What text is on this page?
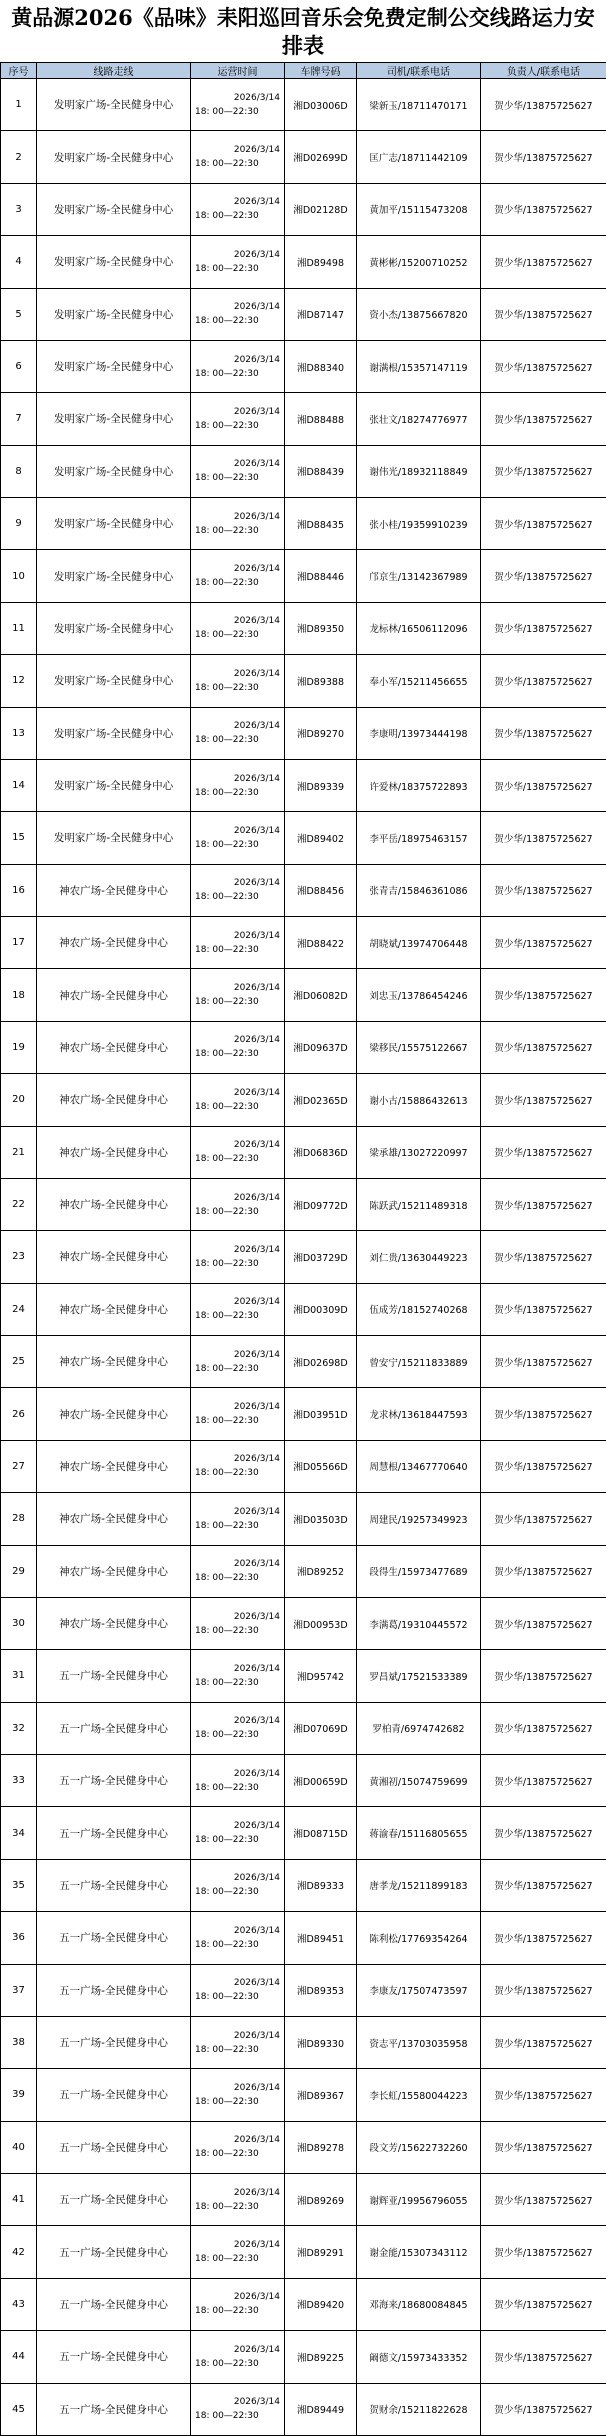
黄品源2026《品味》耒阳巡回音乐会免费定制公交线路运力安排表
序号	线路走线	运营时间	车牌号码	司机/联系电话	负责人/联系电话
1	发明家广场-全民健身中心	2026/3/14
18: 00—22:30	湘D03006D	梁新玉/18711470171	贺少华/13875725627
2	发明家广场-全民健身中心	2026/3/14
18: 00—22:30	湘D02699D	匡广志/18711442109	贺少华/13875725627
3	发明家广场-全民健身中心	2026/3/14
18: 00—22:30	湘D02128D	黄加平/15115473208	贺少华/13875725627
4	发明家广场-全民健身中心	2026/3/14
18: 00—22:30	湘D89498	黄彬彬/15200710252	贺少华/13875725627
5	发明家广场-全民健身中心	2026/3/14
18: 00—22:30	湘D87147	资小杰/13875667820	贺少华/13875725627
6	发明家广场-全民健身中心	2026/3/14
18: 00—22:30	湘D88340	谢满根/15357147119	贺少华/13875725627
7	发明家广场-全民健身中心	2026/3/14
18: 00—22:30	湘D88488	张壮文/18274776977	贺少华/13875725627
8	发明家广场-全民健身中心	2026/3/14
18: 00—22:30	湘D88439	谢伟光/18932118849	贺少华/13875725627
9	发明家广场-全民健身中心	2026/3/14
18: 00—22:30	湘D88435	张小桂/19359910239	贺少华/13875725627
10	发明家广场-全民健身中心	2026/3/14
18: 00—22:30	湘D88446	邝京生/13142367989	贺少华/13875725627
11	发明家广场-全民健身中心	2026/3/14
18: 00—22:30	湘D89350	龙标林/16506112096	贺少华/13875725627
12	发明家广场-全民健身中心	2026/3/14
18: 00—22:30	湘D89388	奉小军/15211456655	贺少华/13875725627
13	发明家广场-全民健身中心	2026/3/14
18: 00—22:30	湘D89270	李康明/13973444198	贺少华/13875725627
14	发明家广场-全民健身中心	2026/3/14
18: 00—22:30	湘D89339	许爱林/18375722893	贺少华/13875725627
15	发明家广场-全民健身中心	2026/3/14
18: 00—22:30	湘D89402	李平岳/18975463157	贺少华/13875725627
16	神农广场-全民健身中心	2026/3/14
18: 00—22:30	湘D88456	张青吉/15846361086	贺少华/13875725627
17	神农广场-全民健身中心	2026/3/14
18: 00—22:30	湘D88422	胡晓斌/13974706448	贺少华/13875725627
18	神农广场-全民健身中心	2026/3/14
18: 00—22:30	湘D06082D	刘忠玉/13786454246	贺少华/13875725627
19	神农广场-全民健身中心	2026/3/14
18: 00—22:30	湘D09637D	梁移民/15575122667	贺少华/13875725627
20	神农广场-全民健身中心	2026/3/14
18: 00—22:30	湘D02365D	谢小古/15886432613	贺少华/13875725627
21	神农广场-全民健身中心	2026/3/14
18: 00—22:30	湘D06836D	梁承雄/13027220997	贺少华/13875725627
22	神农广场-全民健身中心	2026/3/14
18: 00—22:30	湘D09772D	陈跃武/15211489318	贺少华/13875725627
23	神农广场-全民健身中心	2026/3/14
18: 00—22:30	湘D03729D	刘仁贵/13630449223	贺少华/13875725627
24	神农广场-全民健身中心	2026/3/14
18: 00—22:30	湘D00309D	伍成芳/18152740268	贺少华/13875725627
25	神农广场-全民健身中心	2026/3/14
18: 00—22:30	湘D02698D	曾安宁/15211833889	贺少华/13875725627
26	神农广场-全民健身中心	2026/3/14
18: 00—22:30	湘D03951D	龙求林/13618447593	贺少华/13875725627
27	神农广场-全民健身中心	2026/3/14
18: 00—22:30	湘D05566D	周慧根/13467770640	贺少华/13875725627
28	神农广场-全民健身中心	2026/3/14
18: 00—22:30	湘D03503D	周建民/19257349923	贺少华/13875725627
29	神农广场-全民健身中心	2026/3/14
18: 00—22:30	湘D89252	段得生/15973477689	贺少华/13875725627
30	神农广场-全民健身中心	2026/3/14
18: 00—22:30	湘D00953D	李满葛/19310445572	贺少华/13875725627
31	五一广场-全民健身中心	2026/3/14
18: 00—22:30	湘D95742	罗昌斌/17521533389	贺少华/13875725627
32	五一广场-全民健身中心	2026/3/14
18: 00—22:30	湘D07069D	罗柏青/6974742682	贺少华/13875725627
33	五一广场-全民健身中心	2026/3/14
18: 00—22:30	湘D00659D	黄湘初/15074759699	贺少华/13875725627
34	五一广场-全民健身中心	2026/3/14
18: 00—22:30	湘D08715D	蒋渝春/15116805655	贺少华/13875725627
35	五一广场-全民健身中心	2026/3/14
18: 00—22:30	湘D89333	唐孝龙/15211899183	贺少华/13875725627
36	五一广场-全民健身中心	2026/3/14
18: 00—22:30	湘D89451	陈利松/17769354264	贺少华/13875725627
37	五一广场-全民健身中心	2026/3/14
18: 00—22:30	湘D89353	李康友/17507473597	贺少华/13875725627
38	五一广场-全民健身中心	2026/3/14
18: 00—22:30	湘D89330	资志平/13703035958	贺少华/13875725627
39	五一广场-全民健身中心	2026/3/14
18: 00—22:30	湘D89367	李长虹/15580044223	贺少华/13875725627
40	五一广场-全民健身中心	2026/3/14
18: 00—22:30	湘D89278	段文芳/15622732260	贺少华/13875725627
41	五一广场-全民健身中心	2026/3/14
18: 00—22:30	湘D89269	谢辉亚/19956796055	贺少华/13875725627
42	五一广场-全民健身中心	2026/3/14
18: 00—22:30	湘D89291	谢金能/15307343112	贺少华/13875725627
43	五一广场-全民健身中心	2026/3/14
18: 00—22:30	湘D89420	邓海来/18680084845	贺少华/13875725627
44	五一广场-全民健身中心	2026/3/14
18: 00—22:30	湘D89225	阚德文/15973433352	贺少华/13875725627
45	五一广场-全民健身中心	2026/3/14
18: 00—22:30	湘D89449	贺财余/15211822628	贺少华/13875725627
